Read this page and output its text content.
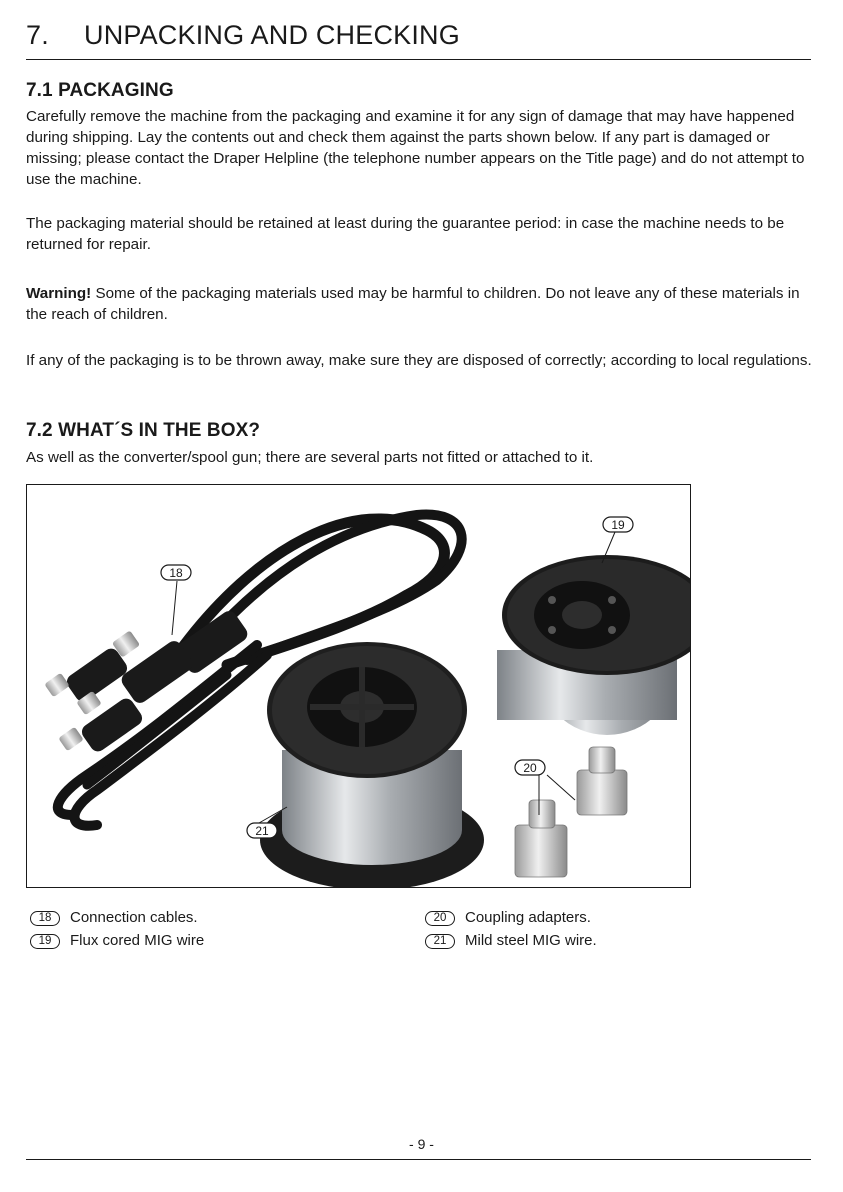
7. UNPACKING AND CHECKING
7.1 PACKAGING

Carefully remove the machine from the packaging and examine it for any sign of damage that may have happened during shipping. Lay the contents out and check them against the parts shown below. If any part is damaged or missing; please contact the Draper Helpline (the telephone number appears on the Title page) and do not attempt to use the machine.

The packaging material should be retained at least during the guarantee period: in case the machine needs to be returned for repair.

Warning! Some of the packaging materials used may be harmful to children. Do not leave any of these materials in the reach of children.

If any of the packaging is to be thrown away, make sure they are disposed of correctly; according to local regulations.

7.2 WHAT´S IN THE BOX?

As well as the converter/spool gun; there are several parts not fitted or attached to it.

18
19
20
21
18	Connection cables.
19	Flux cored MIG wire
20	Coupling adapters.
21	Mild steel MIG wire.
- 9 -
